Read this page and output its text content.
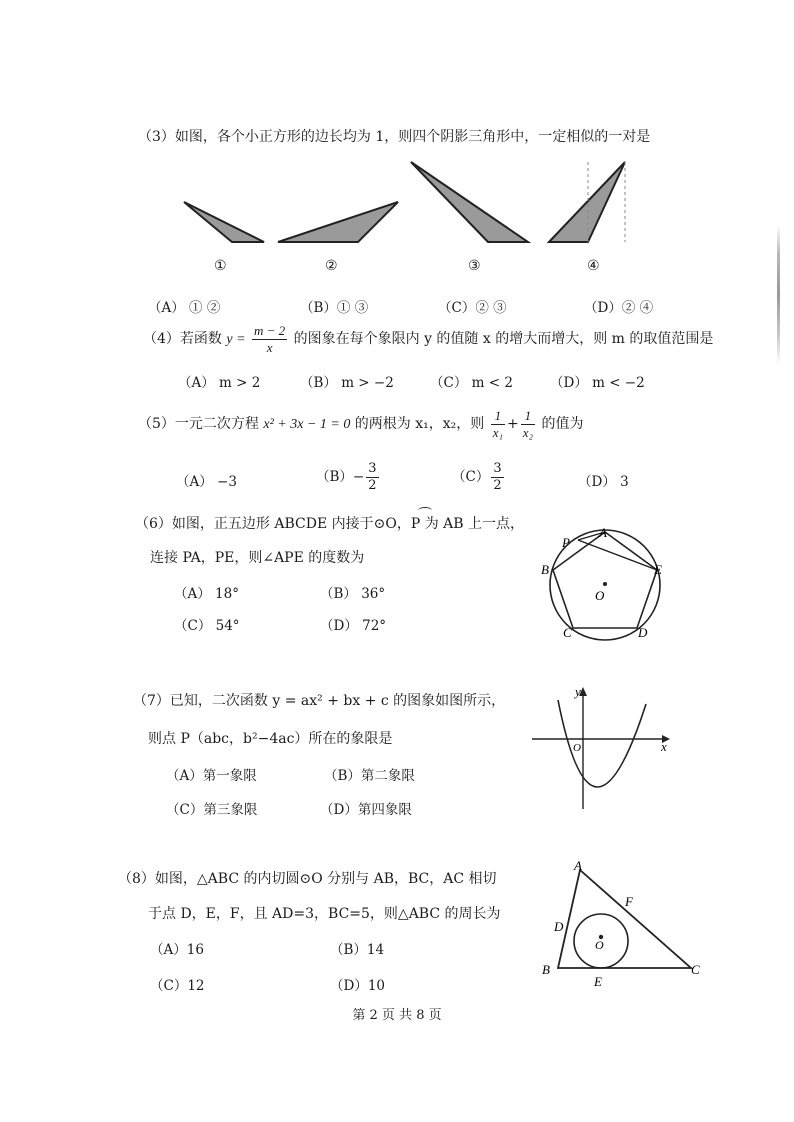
（3）如图，各个小正方形的边长均为 1，则四个阴影三角形中，一定相似的一对是
①	②	③	④
（A） ① ②	（B）① ③	（C）② ③	（D）② ④
（4）若函数 $y = \frac{m - 2}{x}$ 的图象在每个象限内 y 的值随 x 的增大而增大，则 m 的取值范围是
（A） m > 2	（B） m > −2	（C） m < 2	（D） m < −2
（5）一元二次方程 x² + 3x − 1 = 0 的两根为 x₁，x₂，则 $\frac{1}{\text{x₁}} + \frac{1}{\text{x₂}}$ 的值为
（A） −3	$(B)- \frac{3}{2}$	$(C) \frac{3}{2}$	（D） 3
（6）如图，正五边形 ABCDE 内接于⊙O，P 为 AB 上一点，
连接 PA，PE，则∠APE 的度数为
（A） 18°	（B） 36°
（C） 54°	（D） 72°
P
A
B
C	D
E
O
（7）已知，二次函数 y = ax² + bx + c 的图象如图所示，
则点 P（abc，b²−4ac）所在的象限是
（A）第一象限	（B）第二象限
（C）第三象限	（D）第四象限
y
x
O
（8）如图，△ABC 的内切圆⊙O 分别与 AB，BC，AC 相切
于点 D，E，F，且 AD=3，BC=5，则△ABC 的周长为
（A）16	（B）14
（C）12	（D）10
A
B	C
D
E
F
O
第 2 页 共 8 页
